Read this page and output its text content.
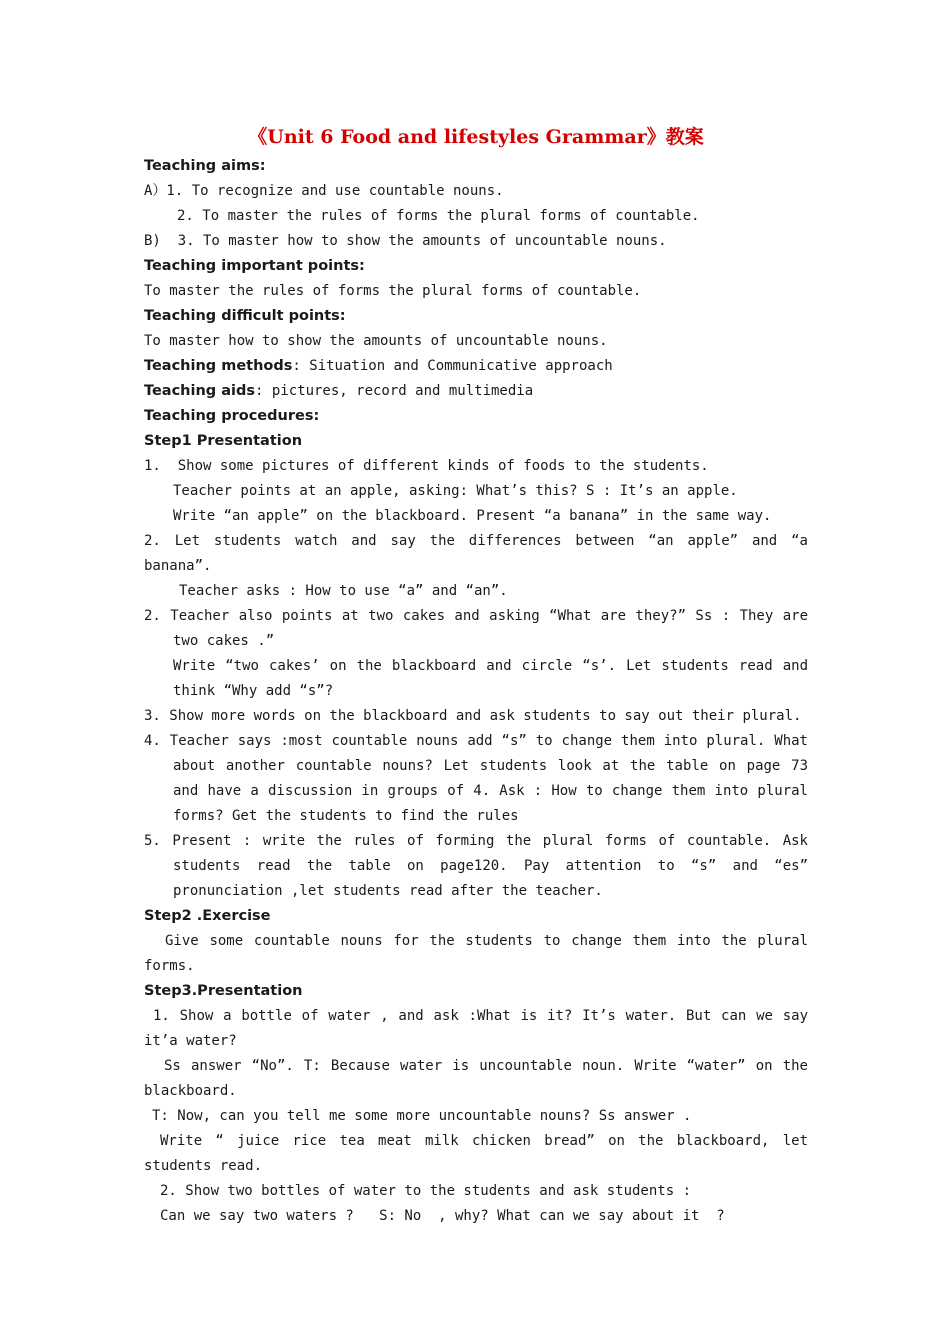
《Unit 6 Food and lifestyles Grammar》教案

Teaching aims:

A）1. To recognize and use countable nouns.

2. To master the rules of forms the plural forms of countable.

B)  3. To master how to show the amounts of uncountable nouns.

Teaching important points:

To master the rules of forms the plural forms of countable.

Teaching difficult points:

To master how to show the amounts of uncountable nouns.

Teaching methods: Situation and Communicative approach

Teaching aids: pictures, record and multimedia

Teaching procedures:

Step1 Presentation

1.  Show some pictures of different kinds of foods to the students.

Teacher points at an apple, asking: What’s this? S : It’s an apple.

Write “an apple” on the blackboard. Present “a banana” in the same way.

2. Let students watch and say the differences between “an apple” and “a banana”.

Teacher asks : How to use “a” and “an”.

2. Teacher also points at two cakes and asking “What are they?” Ss : They are two cakes .”

Write “two cakes’ on the blackboard and circle “s’. Let students read and think “Why add “s”?

3. Show more words on the blackboard and ask students to say out their plural.

4. Teacher says :most countable nouns add “s” to change them into plural. What about another countable nouns? Let students look at the table on page 73 and have a discussion in groups of 4. Ask : How to change them into plural forms? Get the students to find the rules

5. Present : write the rules of forming the plural forms of countable. Ask students read the table on page120. Pay attention to “s” and “es” pronunciation ,let students read after the teacher.

Step2 .Exercise

Give some countable nouns for the students to change them into the plural forms.

Step3.Presentation

1. Show a bottle of water , and ask :What is it? It’s water. But can we say it’a water?

Ss answer “No”. T: Because water is uncountable noun. Write “water” on the blackboard.

T: Now, can you tell me some more uncountable nouns? Ss answer .

Write “ juice rice tea meat milk chicken bread” on the blackboard, let students read.

2. Show two bottles of water to the students and ask students :

Can we say two waters ?   S: No  , why? What can we say about it  ?
